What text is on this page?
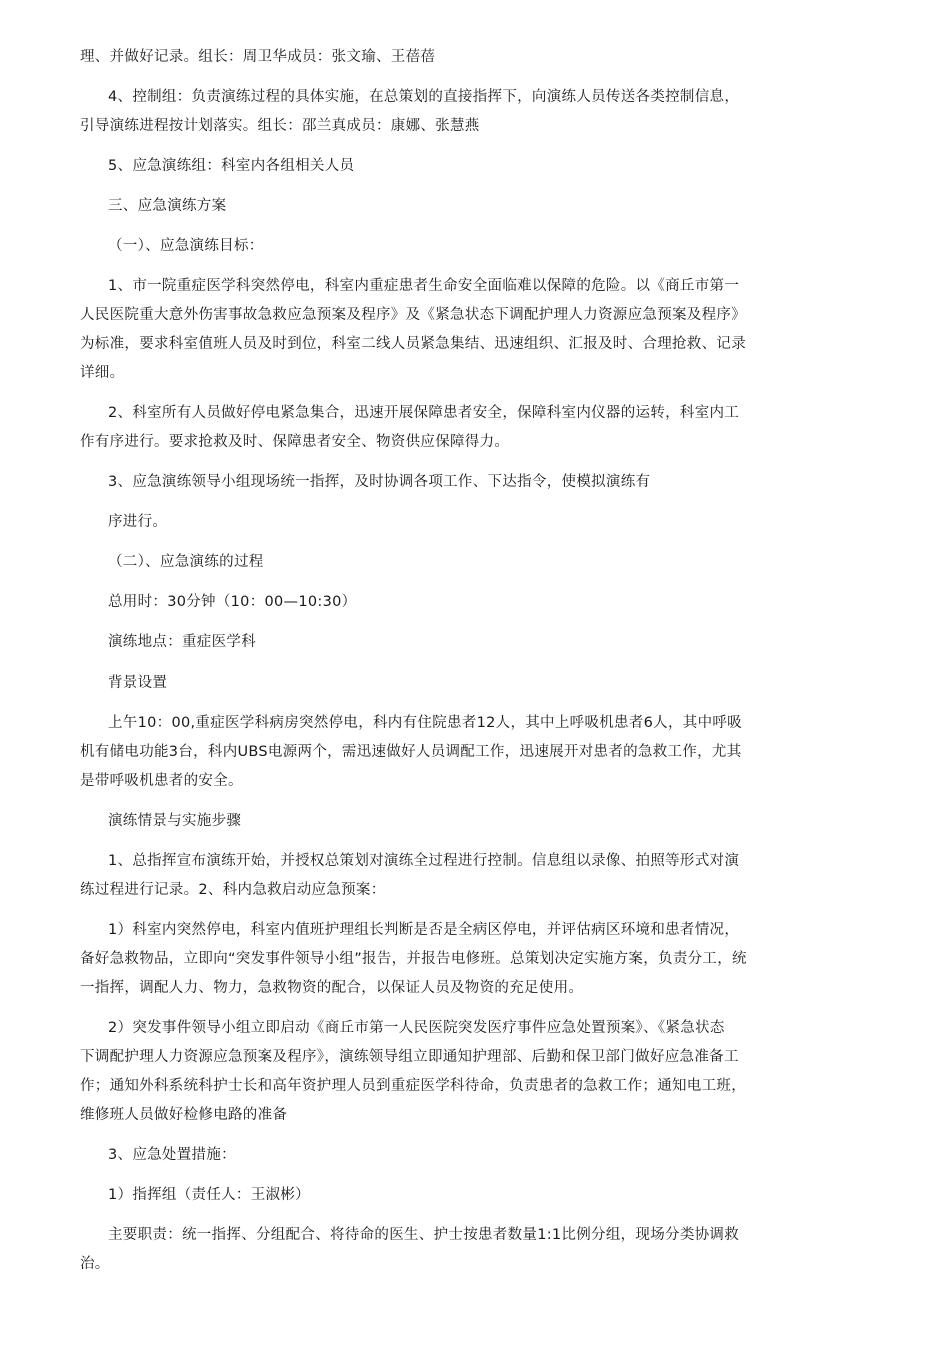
理、并做好记录。组长：周卫华成员：张文瑜、王蓓蓓
4、控制组：负责演练过程的具体实施，在总策划的直接指挥下，向演练人员传送各类控制信息，
引导演练进程按计划落实。组长：邵兰真成员：康娜、张慧燕
5、应急演练组：科室内各组相关人员
三、应急演练方案
（一）、应急演练目标：
1、市一院重症医学科突然停电，科室内重症患者生命安全面临难以保障的危险。以《商丘市第一
人民医院重大意外伤害事故急救应急预案及程序》及《紧急状态下调配护理人力资源应急预案及程序》
为标准，要求科室值班人员及时到位，科室二线人员紧急集结、迅速组织、汇报及时、合理抢救、记录
详细。
2、科室所有人员做好停电紧急集合，迅速开展保障患者安全，保障科室内仪器的运转，科室内工
作有序进行。要求抢救及时、保障患者安全、物资供应保障得力。
3、应急演练领导小组现场统一指挥，及时协调各项工作、下达指令，使模拟演练有
序进行。
（二）、应急演练的过程
总用时：30分钟（10：00—10:30）
演练地点：重症医学科
背景设置
上午10：00,重症医学科病房突然停电，科内有住院患者12人，其中上呼吸机患者6人，其中呼吸
机有储电功能3台，科内UBS电源两个，需迅速做好人员调配工作，迅速展开对患者的急救工作，尤其
是带呼吸机患者的安全。
演练情景与实施步骤
1、总指挥宣布演练开始，并授权总策划对演练全过程进行控制。信息组以录像、拍照等形式对演
练过程进行记录。2、科内急救启动应急预案：
1）科室内突然停电，科室内值班护理组长判断是否是全病区停电，并评估病区环境和患者情况，
备好急救物品，立即向“突发事件领导小组”报告，并报告电修班。总策划决定实施方案，负责分工，统
一指挥，调配人力、物力，急救物资的配合，以保证人员及物资的充足使用。
2）突发事件领导小组立即启动《商丘市第一人民医院突发医疗事件应急处置预案》、《紧急状态
下调配护理人力资源应急预案及程序》，演练领导组立即通知护理部、后勤和保卫部门做好应急准备工
作；通知外科系统科护士长和高年资护理人员到重症医学科待命，负责患者的急救工作；通知电工班，
维修班人员做好检修电路的准备
3、应急处置措施：
1）指挥组（责任人：王淑彬）
主要职责：统一指挥、分组配合、将待命的医生、护士按患者数量1:1比例分组，现场分类协调救
治。
